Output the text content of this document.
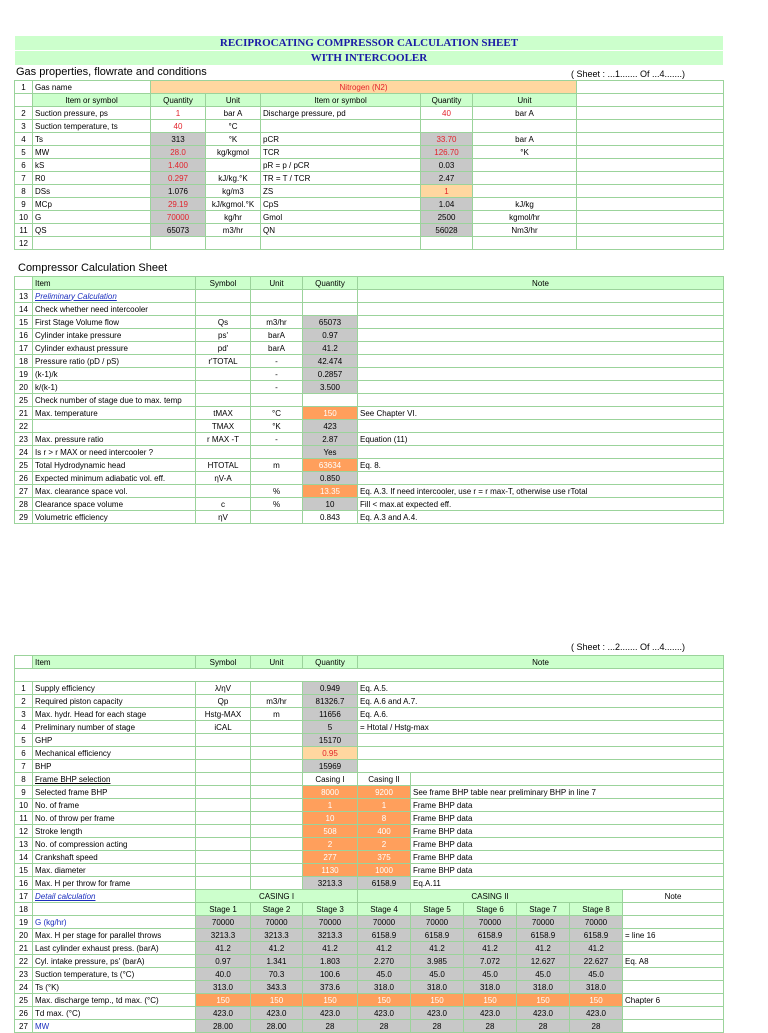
RECIPROCATING COMPRESSOR CALCULATION SHEET
WITH INTERCOOLER
Gas properties, flowrate and conditions	( Sheet : ...1....... Of ...4.......)
1	Gas name	Nitrogen (N2)					
	Item or symbol	Quantity	Unit	Item or symbol	Quantity	Unit	
2	Suction pressure, ps	1	bar A	Discharge pressure, pd	40	bar A	
3	Suction temperature, ts	40	°C				
4	Ts	313	°K	pCR	33.70	bar A	
5	MW	28.0	kg/kgmol	TCR	126.70	°K	
6	kS	1.400		pR = p / pCR	0.03		
7	R0	0.297	kJ/kg.°K	TR = T / TCR	2.47		
8	DSs	1.076	kg/m3	ZS	1		
9	MCp	29.19	kJ/kgmol.°K	CpS	1.04	kJ/kg	
10	G	70000	kg/hr	Gmol	2500	kgmol/hr	
11	QS	65073	m3/hr	QN	56028	Nm3/hr	
12							
Compressor Calculation Sheet
	Item	Symbol	Unit	Quantity	Note
13	Preliminary Calculation				
14	Check whether need intercooler				
15	First Stage Volume flow	Qs	m3/hr	65073	
16	Cylinder intake pressure	ps'	barA	0.97	
17	Cylinder exhaust pressure	pd'	barA	41.2	
18	Pressure ratio (pD / pS)	r'TOTAL	-	42.474	
19	(k-1)/k		-	0.2857	
20	k/(k-1)		-	3.500	
25	Check number of stage due to max. temp				
21	Max. temperature	tMAX	°C	150	See Chapter VI.
22		TMAX	°K	423	
23	Max. pressure ratio	r MAX -T	-	2.87	Equation (11)
24	Is r > r MAX or need intercooler ?			Yes	
25	Total Hydrodynamic head	HTOTAL	m	63634	Eq. 8.
26	Expected minimum adiabatic vol. eff.	ηV-A		0.850	
27	Max. clearance space vol.		%	13.35	Eq. A.3. If need intercooler, use r = r max-T, otherwise use rTotal
28	Clearance space volume	c	%	10	Fill < max.at expected eff.
29	Volumetric efficiency	ηV		0.843	Eq. A.3 and A.4.
( Sheet : ...2....... Of ...4.......)
	Item	Symbol	Unit	Quantity	Note					

1	Supply efficiency	λ/ηV		0.949	Eq. A.5.					
2	Required piston capacity	Qp	m3/hr	81326.7	Eq. A.6 and A.7.					
3	Max. hydr. Head for each stage	Hstg-MAX	m	11656	Eq. A.6.					
4	Preliminary number of stage	iCAL		5	= Htotal / Hstg-max					
5	GHP			15170						
6	Mechanical efficiency			0.95						
7	BHP			15969						
8	Frame BHP selection			Casing I	Casing II					
9	Selected frame BHP			8000	9200	See frame BHP table near preliminary BHP in line 7				
10	No. of frame			1	1	Frame BHP data				
11	No. of throw per frame			10	8	Frame BHP data				
12	Stroke length			508	400	Frame BHP data				
13	No. of compression acting			2	2	Frame BHP data				
14	Crankshaft speed			277	375	Frame BHP data				
15	Max. diameter			1130	1000	Frame BHP data				
16	Max. H per throw for frame			3213.3	6158.9	Eq.A.11				
17	Detail calculation	CASING I			CASING II					Note
18		Stage 1	Stage 2	Stage 3	Stage 4	Stage 5	Stage 6	Stage 7	Stage 8	
19	G (kg/hr)	70000	70000	70000	70000	70000	70000	70000	70000	
20	Max. H per stage for parallel throws	3213.3	3213.3	3213.3	6158.9	6158.9	6158.9	6158.9	6158.9	= line 16
21	Last cylinder exhaust press. (barA)	41.2	41.2	41.2	41.2	41.2	41.2	41.2	41.2	
22	Cyl. intake pressure, ps' (barA)	0.97	1.341	1.803	2.270	3.985	7.072	12.627	22.627	Eq. A8
23	Suction temperature, ts (°C)	40.0	70.3	100.6	45.0	45.0	45.0	45.0	45.0	
24	Ts (°K)	313.0	343.3	373.6	318.0	318.0	318.0	318.0	318.0	
25	Max. discharge temp., td max. (°C)	150	150	150	150	150	150	150	150	Chapter 6
26	Td max. (°C)	423.0	423.0	423.0	423.0	423.0	423.0	423.0	423.0	
27	MW	28.00	28.00	28	28	28	28	28	28	
